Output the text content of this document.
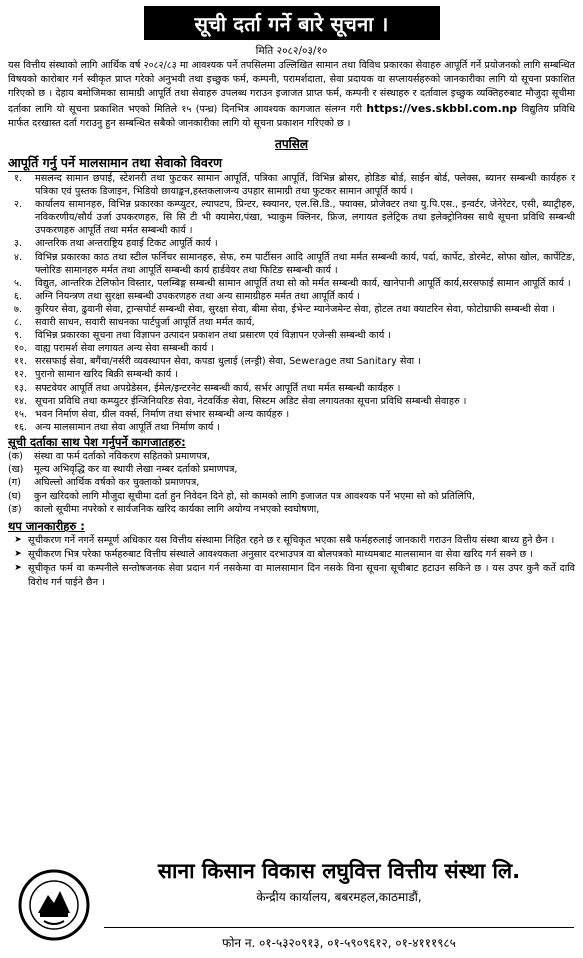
सूची दर्ता गर्ने बारे सूचना ।
मिति २०८२/०३/१०
यस वित्तीय संस्थाको लागि आर्थिक वर्ष २०८२/८३ मा आवश्यक पर्ने तपसिलमा उल्लिखित सामान तथा विविध प्रकारका सेवाहरु आपूर्ति गर्ने प्रयोजनको लागि सम्बन्धित विषयको कारोबार गर्न स्वीकृत प्राप्त गरेको अनुभवी तथा इच्छुक फर्म, कम्पनी, परामर्शदाता, सेवा प्रदायक वा सप्लायर्सहरुको जानकारीका लागि यो सूचना प्रकाशित गरिएको छ । देहाय बमोजिमका सामाग्री आपूर्ति तथा सेवाहरु उपलब्ध गराउन इजाजत प्राप्त फर्म, कम्पनी र संस्थाहरु र दर्तावाल इच्छुक व्यक्तिहरुबाट मौजुदा सूचीमा दर्ताका लागि यो सूचना प्रकाशित भएको मितिले १५ (पन्ध्र) दिनभित्र आवश्यक कागजात संलग्न गरी https://ves.skbbl.com.np विद्युतिय प्रविधि मार्फत दरखास्त दर्ता गराउनु हुन सम्बन्धित सबैको जानकारीका लागि यो सूचना प्रकाशन गरिएको छ ।
तपसिल
आपूर्ति गर्नु पर्ने मालसामान तथा सेवाको विवरण
१.	मसलन्द सामान छपाई, स्टेशनरी तथा फुटकर सामान आपूर्ति, पत्रिका आपूर्ति, विभिन्न ब्रोसर, होडिङ बोर्ड, साईन बोर्ड, फ्लेक्स, ब्यानर सम्बन्धी कार्यहरु र पत्रिका एवं पुस्तक डिजाइन, भिडियो छायाङ्कन,हस्तकलाजन्य उपहार सामाग्री तथा फुटकर सामान आपूर्ति कार्य ।
२.	कार्यालय सामानहरु, विभिन्न प्रकारका कम्प्युटर, ल्यापटप, प्रिन्टर, स्क्यानर, एल.सि.डि., फ्याक्स, प्रोजेक्टर तथा यु.पि.एस., इन्वर्टर, जेनेरेटर, एसी, ब्याट्रीहरु, नविकरणीय/सौर्य उर्जा उपकरणहरु, सि सि टी भी क्यामेरा,पंखा, भ्याकुम क्लिनर, फ्रिज, लगायत इलेट्रिक तथा इलेक्ट्रोनिक्स साथै सूचना प्रविधि सम्बन्धी उपकरणहरु आपूर्ति तथा मर्मत सम्बन्धी कार्य ।
३.	आन्तरिक तथा अन्तराष्ट्रिय हवाई टिकट आपूर्ति कार्य ।
४.	विभिन्न प्रकारका काठ तथा स्टील फर्निचर सामानहरु, सेफ, रुम पार्टीसन आदि आपूर्ति तथा मर्मत सम्बन्धी कार्य, पर्दा, कार्पेट, डोरमेट, सोफा खोल, कार्पेटिङ, फ्लोरिङ सामानहरु मर्मत तथा आपूर्ति सम्बन्धी कार्य हार्डवेयर तथा फिटिङ सम्बन्धी कार्य ।
५.	विद्युत, आन्तरिक टेलिफोन विस्तार, पलम्बिङ्ग सम्बन्धी सामान आपूर्ति तथा सो को मर्मत सम्बन्धी कार्य, खानेपानी आपूर्ति कार्य,सरसफाई सामान आपूर्ति कार्य ।
६.	अग्नि नियन्त्रण तथा सुरक्षा सम्बन्धी उपकरणहरु तथा अन्य सामाग्रीहरु मर्मत तथा आपूर्ति कार्य ।
७.	कुरियर सेवा, ढुवानी सेवा, ट्रान्सपोर्ट सम्बन्धी सेवा, सुरक्षा सेवा, बीमा सेवा, ईभेन्ट म्यानेजमेन्ट सेवा, होटल तथा क्याटरिन सेवा, फोटोग्राफी सम्बन्धी सेवा ।
८.	सवारी साधन, सवारी साधनका पार्टपुर्जा आपूर्ति तथा मर्मत कार्य,
९.	विभिन्न प्रकारका सूचना तथा विज्ञापन उत्पादन प्रकाशन तथा प्रसारण एवं विज्ञापन एजेन्सी सम्बन्धी कार्य ।
१०. वाह्य परामर्श सेवा लगायत अन्य सेवा सम्बन्धी कार्य ।
११. सरसफाई सेवा, बगैंचा/नर्सरी व्यवस्थापन सेवा, कपडा धुलाई (लन्ड्री) सेवा, Sewerage तथा Sanitary सेवा ।
१२. पुरानो सामान खरिद बिक्री सम्बन्धी कार्य ।
१३. सफ्टवेयर आपूर्ति तथा अपग्रेडेसन, ईमेल/इन्टरनेट सम्बन्धी कार्य, सर्भर आपूर्ति तथा मर्मत सम्बन्धी कार्यहरु ।
१४. सूचना प्रविधि तथा कम्प्युटर ईन्जिनियरिङ सेवा, नेटवर्किङ सेवा, सिस्टम अडिट सेवा लगायतका सूचना प्रविधि सम्बन्धी सेवाहरु ।
१५. भवन निर्माण सेवा, ग्रील वर्क्स, निर्माण तथा संभार सम्बन्धी अन्य कार्यहरु ।
१६. अन्य मालसामान तथा सेवा आपूर्ति तथा निर्माण कार्य ।
सूची दर्ताका साथ पेश गर्नुपर्ने कागजातहरु:
(क)	संस्था वा फर्म दर्ताको नविकरण सहितको प्रमाणपत्र,
(ख)	मूल्य अभिवृद्धि कर वा स्थायी लेखा नम्बर दर्ताको प्रमाणपत्र,
(ग)	अघिल्लो आर्थिक वर्षको कर चुक्ताको प्रमाणपत्र,
(घ)	कुन खरिदको लागि मौजुदा सूचीमा दर्ता हुन निवेदन दिने हो, सो कामको लागि इजाजत पत्र आवश्यक पर्ने भएमा सो को प्रतिलिपि,
(ङ)	कालो सूचीमा नपरेको र सार्वजनिक खरिद कार्यका लागि अयोग्य नभएको स्वघोषणा,
थप जानकारीहरु :
➤ सूचीकरण गर्ने नगर्ने सम्पूर्ण अधिकार यस वित्तीय संस्थामा निहित रहने छ र सूचिकृत भएका सबै फर्महरुलाई जानकारी गराउन वित्तीय संस्था बाध्य हुने छैन ।
➤ सूचीकरण भित्र परेका फर्महरुबाट वित्तीय संस्थाले आवश्यकता अनुसार दरभाउपत्र वा बोलपत्रको माध्यमबाट मालसामान वा सेवा खरिद गर्न सक्ने छ ।
➤ सूचीकृत फर्म वा कम्पनीले सन्तोषजनक सेवा प्रदान गर्न नसकेमा वा मालसामान दिन नसके विना सूचना सूचीबाट हटाउन सकिने छ । यस उपर कुनै कर्ते दावि विरोध गर्न पाईने छैन ।
साना किसान विकास लघुवित्त वित्तीय संस्था लि.
केन्द्रीय कार्यालय, बबरमहल,काठमाडौं,
फोन न. ०१-५३२०९१३, ०१-५९०९६१२, ०१-४१११९८५
